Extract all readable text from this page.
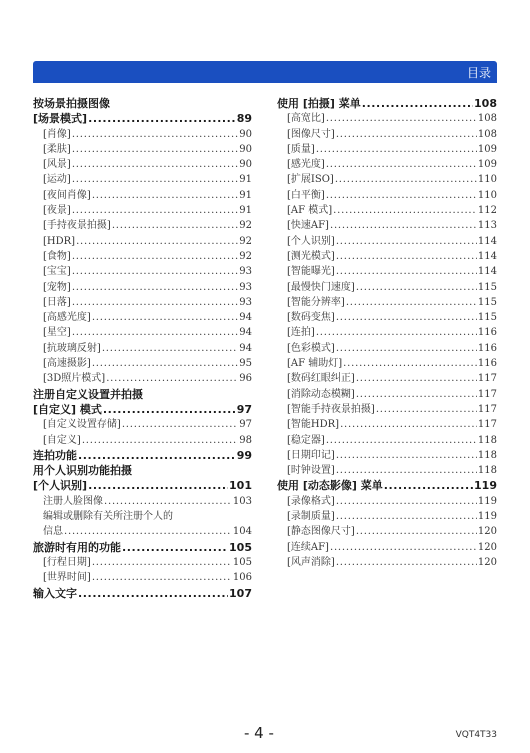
目录
按场景拍摄图像
[场景模式] .....	89
[肖像] .....	90
[柔肤] .....	90
[风景] .....	90
[运动] .....	91
[夜间肖像] .....	91
[夜景] .....	91
[手持夜景拍摄] .....	92
[HDR] .....	92
[食物] .....	92
[宝宝] .....	93
[宠物] .....	93
[日落] .....	93
[高感光度] .....	94
[星空] .....	94
[抗玻璃反射] .....	94
[高速摄影] .....	95
[3D照片模式] .....	96
注册自定义设置并拍摄
[自定义] 模式 .....	97
[自定义设置存储] .....	97
[自定义] .....	98
连拍功能 .....	99
用个人识别功能拍摄
[个人识别] .....	101
注册人脸图像 .....	103
编辑或删除有关所注册个人的
信息 .....	104
旅游时有用的功能 .....	105
[行程日期] .....	105
[世界时间] .....	106
输入文字 .....	107
使用 [拍摄] 菜单 .....	108
[高宽比] .....	108
[图像尺寸] .....	108
[质量] .....	109
[感光度] .....	109
[扩展ISO] .....	110
[白平衡] .....	110
[AF 模式] .....	112
[快速AF] .....	113
[个人识别] .....	114
[测光模式] .....	114
[智能曝光] .....	114
[最慢快门速度] .....	115
[智能分辨率] .....	115
[数码变焦] .....	115
[连拍] .....	116
[色彩模式] .....	116
[AF 辅助灯] .....	116
[数码红眼纠正] .....	117
[消除动态模糊] .....	117
[智能手持夜景拍摄] .....	117
[智能HDR] .....	117
[稳定器] .....	118
[日期印记] .....	118
[时钟设置] .....	118
使用 [动态影像] 菜单 .....	119
[录像格式] .....	119
[录制质量] .....	119
[静态图像尺寸] .....	120
[连续AF] .....	120
[风声消除] .....	120
- 4 -	VQT4T33
